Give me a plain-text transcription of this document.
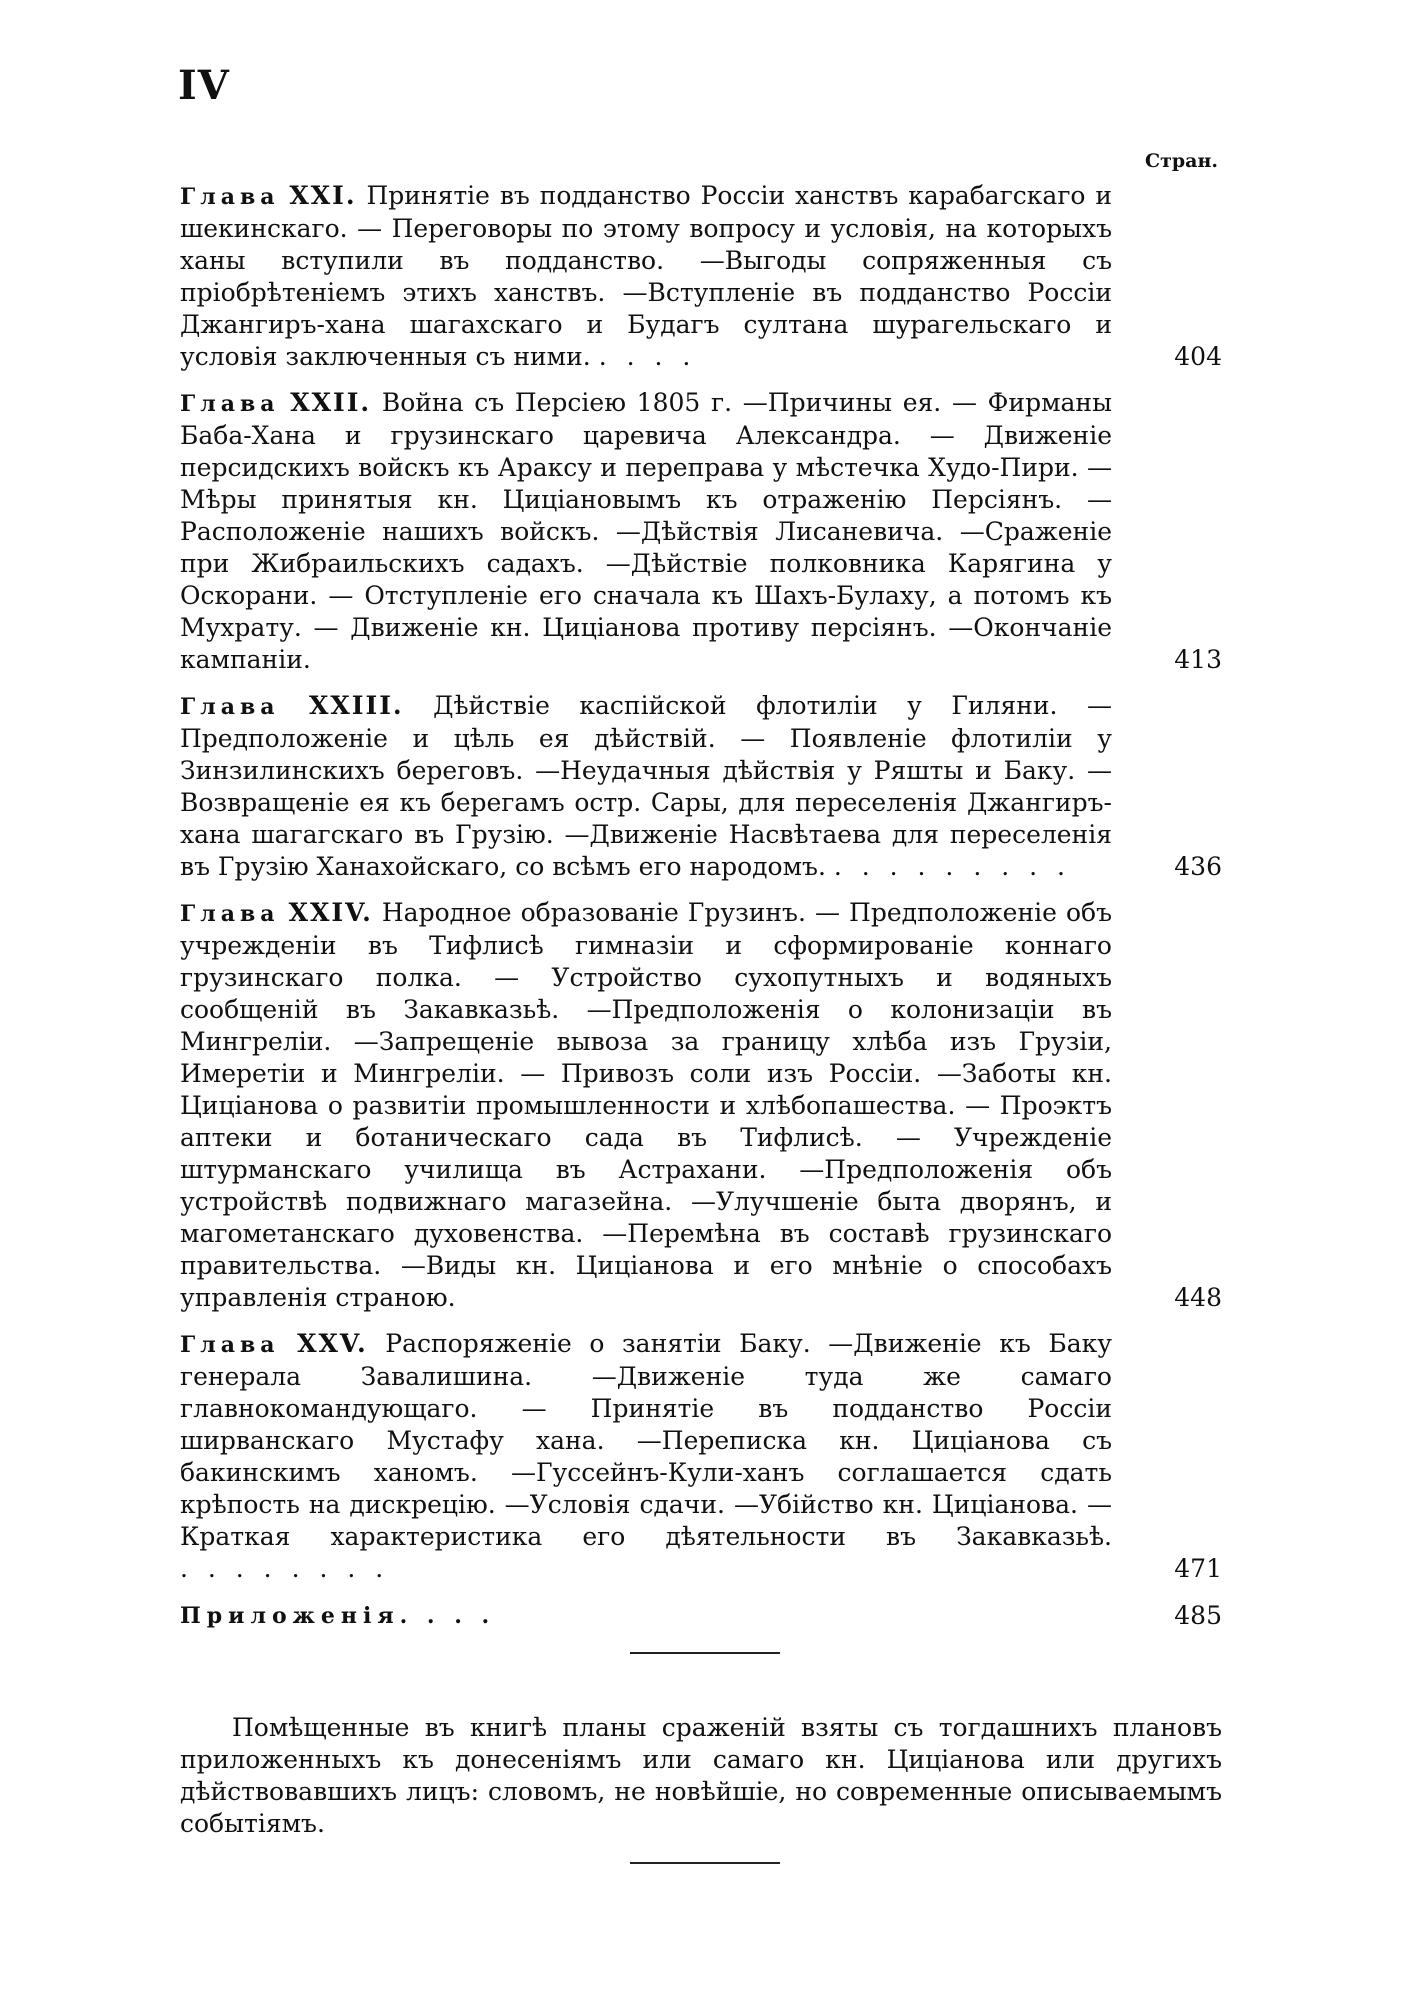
IV
Стран.
Глава XXI. Принятіе въ подданство Россіи ханствъ карабагскаго и шекинскаго. — Переговоры по этому вопросу и условія, на которыхъ ханы вступили въ подданство. —Выгоды сопряженныя съ пріобрѣтеніемъ этихъ ханствъ. —Вступленіе въ подданство Россіи Джангиръ-хана шагахскаго и Будагъ султана шурагельскаго и условія заключенныя съ ними. . . . .	404
Глава XXII. Война съ Персіею 1805 г. —Причины ея. — Фирманы Баба-Хана и грузинскаго царевича Александра. — Движеніе персидскихъ войскъ къ Араксу и переправа у мѣстечка Худо-Пири. — Мѣры принятыя кн. Цицiановымъ къ отраженію Персіянъ. —Расположеніе нашихъ войскъ. —Дѣйствія Лисаневича. —Сраженіе при Жибраильскихъ садахъ. —Дѣйствіе полковника Карягина у Оскорани. — Отступленіе его сначала къ Шахъ-Булаху, а потомъ къ Мухрату. — Движеніе кн. Цицiанова противу персіянъ. —Окончаніе кампаніи.	413
Глава XXIII. Дѣйствіе каспійской флотиліи у Гиляни. — Предположеніе и цѣль ея дѣйствій. — Появленіе флотиліи у Зинзилинскихъ береговъ. —Неудачныя дѣйствія у Ряшты и Баку. —Возвращеніе ея къ берегамъ остр. Сары, для переселенія Джангиръ-хана шагагскаго въ Грузію. —Движеніе Насвѣтаева для переселенія въ Грузію Ханахойскаго, со всѣмъ его народомъ. . . . . . . . . .	436
Глава XXIV. Народное образованіе Грузинъ. — Предположеніе объ учрежденіи въ Тифлисѣ гимназіи и сформированіе коннаго грузинскаго полка. — Устройство сухопутныхъ и водяныхъ сообщеній въ Закавказьѣ. —Предположенія о колонизаціи въ Мингреліи. —Запрещеніе вывоза за границу хлѣба изъ Грузіи, Имеретіи и Мингреліи. — Привозъ соли изъ Россіи. —Заботы кн. Цицiанова о развитіи промышленности и хлѣбопашества. — Проэктъ аптеки и ботаническаго сада въ Тифлисѣ. — Учрежденіе штурманскаго училища въ Астрахани. —Предположенія объ устройствѣ подвижнаго магазейна. —Улучшеніе быта дворянъ, и магометанскаго духовенства. —Перемѣна въ составѣ грузинскаго правительства. —Виды кн. Цицiанова и его мнѣніе о способахъ управленія страною.	448
Глава XXV. Распоряженіе о занятіи Баку. —Движеніе къ Баку генерала Завалишина. —Движеніе туда же самаго главнокомандующаго. — Принятіе въ подданство Россіи ширванскаго Мустафу хана. —Переписка кн. Цицiанова съ бакинскимъ ханомъ. —Гуссейнъ-Кули-ханъ соглашается сдать крѣпость на дискрецію. —Условія сдачи. —Убійство кн. Цицiанова. —Краткая характеристика его дѣятельности въ Закавказьѣ. . . . . . . . .	471
Приложенія. . . .	485
Помѣщенные въ книгѣ планы сраженій взяты съ тогдашнихъ плановъ приложенныхъ къ донесеніямъ или самаго кн. Цицiанова или другихъ дѣйствовавшихъ лицъ: словомъ, не новѣйшіе, но современные описываемымъ событіямъ.
